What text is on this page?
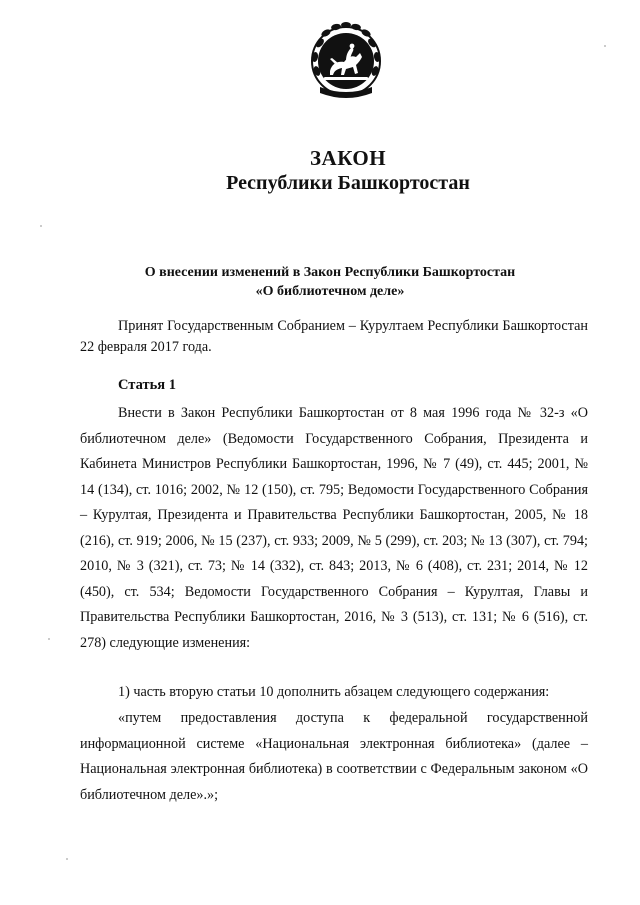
ЗАКОН

Республики Башкортостан

О внесении изменений в Закон Республики Башкортостан

«О библиотечном деле»

Принят Государственным Собранием – Курултаем Республики Башкортостан 22 февраля 2017 года.

Статья 1

Внести в Закон Республики Башкортостан от 8 мая 1996 года № 32-з «О библиотечном деле» (Ведомости Государственного Собрания, Президента и Кабинета Министров Республики Башкортостан, 1996, № 7 (49), ст. 445; 2001, № 14 (134), ст. 1016; 2002, № 12 (150), ст. 795; Ведомости Государственного Собрания – Курултая, Президента и Правительства Республики Башкортостан, 2005, № 18 (216), ст. 919; 2006, № 15 (237), ст. 933; 2009, № 5 (299), ст. 203; № 13 (307), ст. 794; 2010, № 3 (321), ст. 73; № 14 (332), ст. 843; 2013, № 6 (408), ст. 231; 2014, № 12 (450), ст. 534; Ведомости Государственного Собрания – Курултая, Главы и Правительства Республики Башкортостан, 2016, № 3 (513), ст. 131; № 6 (516), ст. 278) следующие изменения:

1) часть вторую статьи 10 дополнить абзацем следующего содержания:

«путем предоставления доступа к федеральной государственной информационной системе «Национальная электронная библиотека» (далее – Национальная электронная библиотека) в соответствии с Федеральным законом «О библиотечном деле».»;
